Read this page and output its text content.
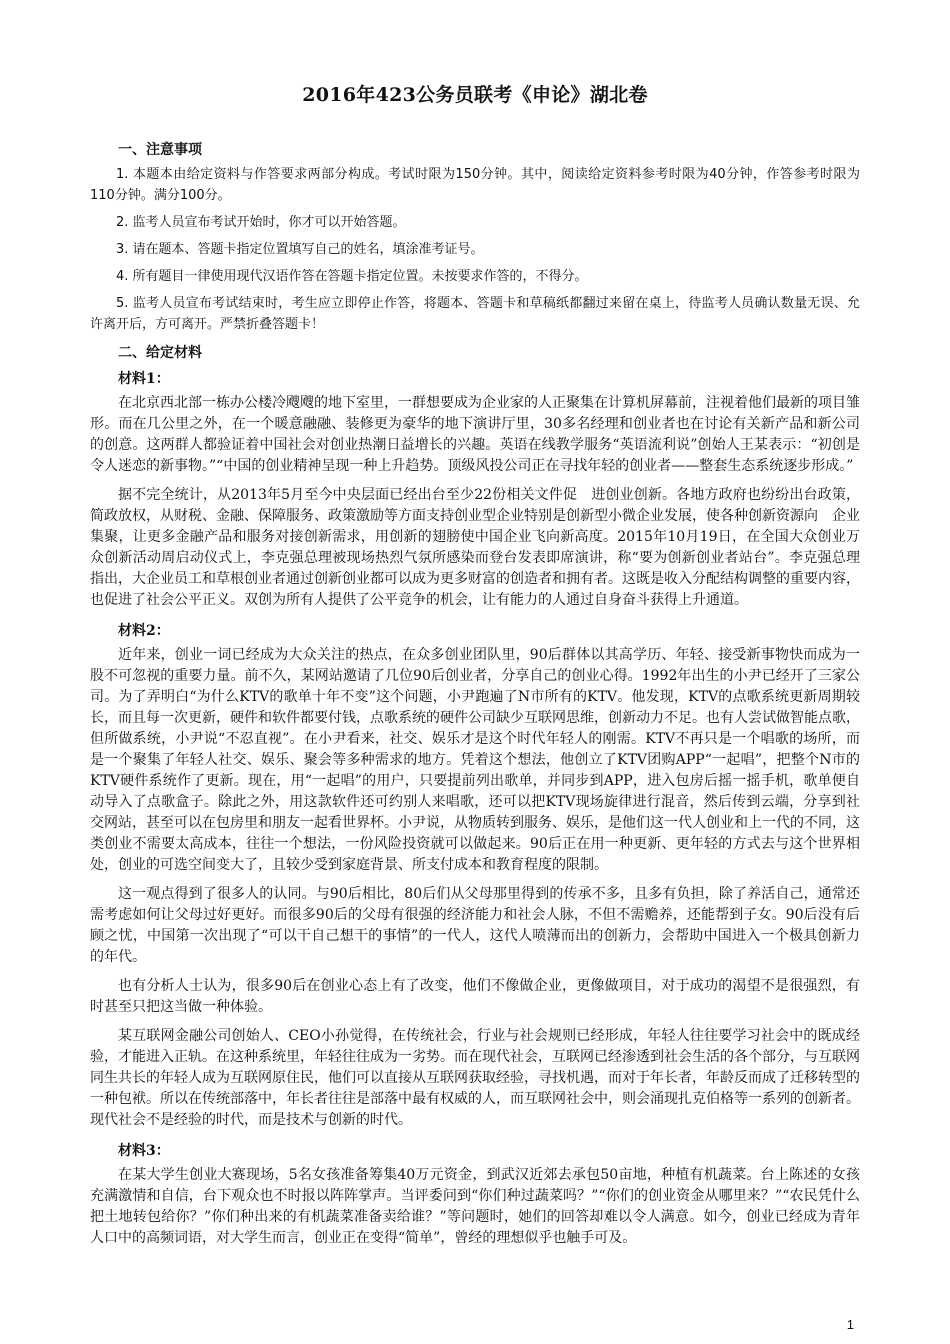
2016年423公务员联考《申论》湖北卷
一、注意事项

1. 本题本由给定资料与作答要求两部分构成。考试时限为150分钟。其中，阅读给定资料参考时限为40分钟，作答参考时限为110分钟。满分100分。

2. 监考人员宣布考试开始时，你才可以开始答题。

3. 请在题本、答题卡指定位置填写自己的姓名，填涂准考证号。

4. 所有题目一律使用现代汉语作答在答题卡指定位置。未按要求作答的，不得分。

5. 监考人员宣布考试结束时，考生应立即停止作答，将题本、答题卡和草稿纸都翻过来留在桌上，待监考人员确认数量无误、允许离开后，方可离开。严禁折叠答题卡！

二、给定材料
材料1：

在北京西北部一栋办公楼冷飕飕的地下室里，一群想要成为企业家的人正聚集在计算机屏幕前，注视着他们最新的项目雏形。而在几公里之外，在一个暖意融融、装修更为豪华的地下演讲厅里，30多名经理和创业者也在讨论有关新产品和新公司的创意。这两群人都验证着中国社会对创业热潮日益增长的兴趣。英语在线教学服务“英语流利说”创始人王某表示：“初创是令人迷恋的新事物。”“中国的创业精神呈现一种上升趋势。顶级风投公司正在寻找年轻的创业者——整套生态系统逐步形成。”

据不完全统计，从2013年5月至今中央层面已经出台至少22份相关文件促　进创业创新。各地方政府也纷纷出台政策，简政放权，从财税、金融、保障服务、政策激励等方面支持创业型企业特别是创新型小微企业发展，使各种创新资源向　企业集聚，让更多金融产品和服务对接创新需求，用创新的翅膀使中国企业飞向新高度。2015年10月19日，在全国大众创业万众创新活动周启动仪式上，李克强总理被现场热烈气氛所感染而登台发表即席演讲，称“要为创新创业者站台”。李克强总理指出，大企业员工和草根创业者通过创新创业都可以成为更多财富的创造者和拥有者。这既是收入分配结构调整的重要内容，也促进了社会公平正义。双创为所有人提供了公平竞争的机会，让有能力的人通过自身奋斗获得上升通道。

材料2：

近年来，创业一词已经成为大众关注的热点，在众多创业团队里，90后群体以其高学历、年轻、接受新事物快而成为一股不可忽视的重要力量。前不久，某网站邀请了几位90后创业者，分享自己的创业心得。1992年出生的小尹已经开了三家公司。为了弄明白“为什么KTV的歌单十年不变”这个问题，小尹跑遍了N市所有的KTV。他发现，KTV的点歌系统更新周期较长，而且每一次更新，硬件和软件都要付钱，点歌系统的硬件公司缺少互联网思维，创新动力不足。也有人尝试做智能点歌，但所做系统，小尹说“不忍直视”。在小尹看来，社交、娱乐才是这个时代年轻人的刚需。KTV不再只是一个唱歌的场所，而是一个聚集了年轻人社交、娱乐、聚会等多种需求的地方。凭着这个想法，他创立了KTV团购APP“一起唱”，把整个N市的KTV硬件系统作了更新。现在，用“一起唱”的用户，只要提前列出歌单，并同步到APP，进入包房后摇一摇手机，歌单便自动导入了点歌盒子。除此之外，用这款软件还可约别人来唱歌，还可以把KTV现场旋律进行混音，然后传到云端，分享到社交网站，甚至可以在包房里和朋友一起看世界杯。小尹说，从物质转到服务、娱乐，是他们这一代人创业和上一代的不同，这类创业不需要太高成本，往往一个想法，一份风险投资就可以做起来。90后正在用一种更新、更年轻的方式去与这个世界相处，创业的可选空间变大了，且较少受到家庭背景、所支付成本和教育程度的限制。

这一观点得到了很多人的认同。与90后相比，80后们从父母那里得到的传承不多，且多有负担，除了养活自己，通常还需考虑如何让父母过好更好。而很多90后的父母有很强的经济能力和社会人脉，不但不需赡养，还能帮到子女。90后没有后顾之忧，中国第一次出现了“可以干自己想干的事情”的一代人，这代人喷薄而出的创新力，会帮助中国进入一个极具创新力的年代。

也有分析人士认为，很多90后在创业心态上有了改变，他们不像做企业，更像做项目，对于成功的渴望不是很强烈，有时甚至只把这当做一种体验。

某互联网金融公司创始人、CEO小孙觉得，在传统社会，行业与社会规则已经形成，年轻人往往要学习社会中的既成经验，才能进入正轨。在这种系统里，年轻往往成为一劣势。而在现代社会，互联网已经渗透到社会生活的各个部分，与互联网同生共长的年轻人成为互联网原住民，他们可以直接从互联网获取经验，寻找机遇，而对于年长者，年龄反而成了迁移转型的一种包袱。所以在传统部落中，年长者往往是部落中最有权威的人，而互联网社会中，则会涌现扎克伯格等一系列的创新者。现代社会不是经验的时代，而是技术与创新的时代。

材料3：

在某大学生创业大赛现场，5名女孩准备筹集40万元资金，到武汉近郊去承包50亩地，种植有机蔬菜。台上陈述的女孩充满激情和自信，台下观众也不时报以阵阵掌声。当评委问到“你们种过蔬菜吗？”“你们的创业资金从哪里来？”“农民凭什么把土地转包给你？”你们种出来的有机蔬菜准备卖给谁？”等问题时，她们的回答却难以令人满意。如今，创业已经成为青年人口中的高频词语，对大学生而言，创业正在变得“简单”，曾经的理想似乎也触手可及。

1
